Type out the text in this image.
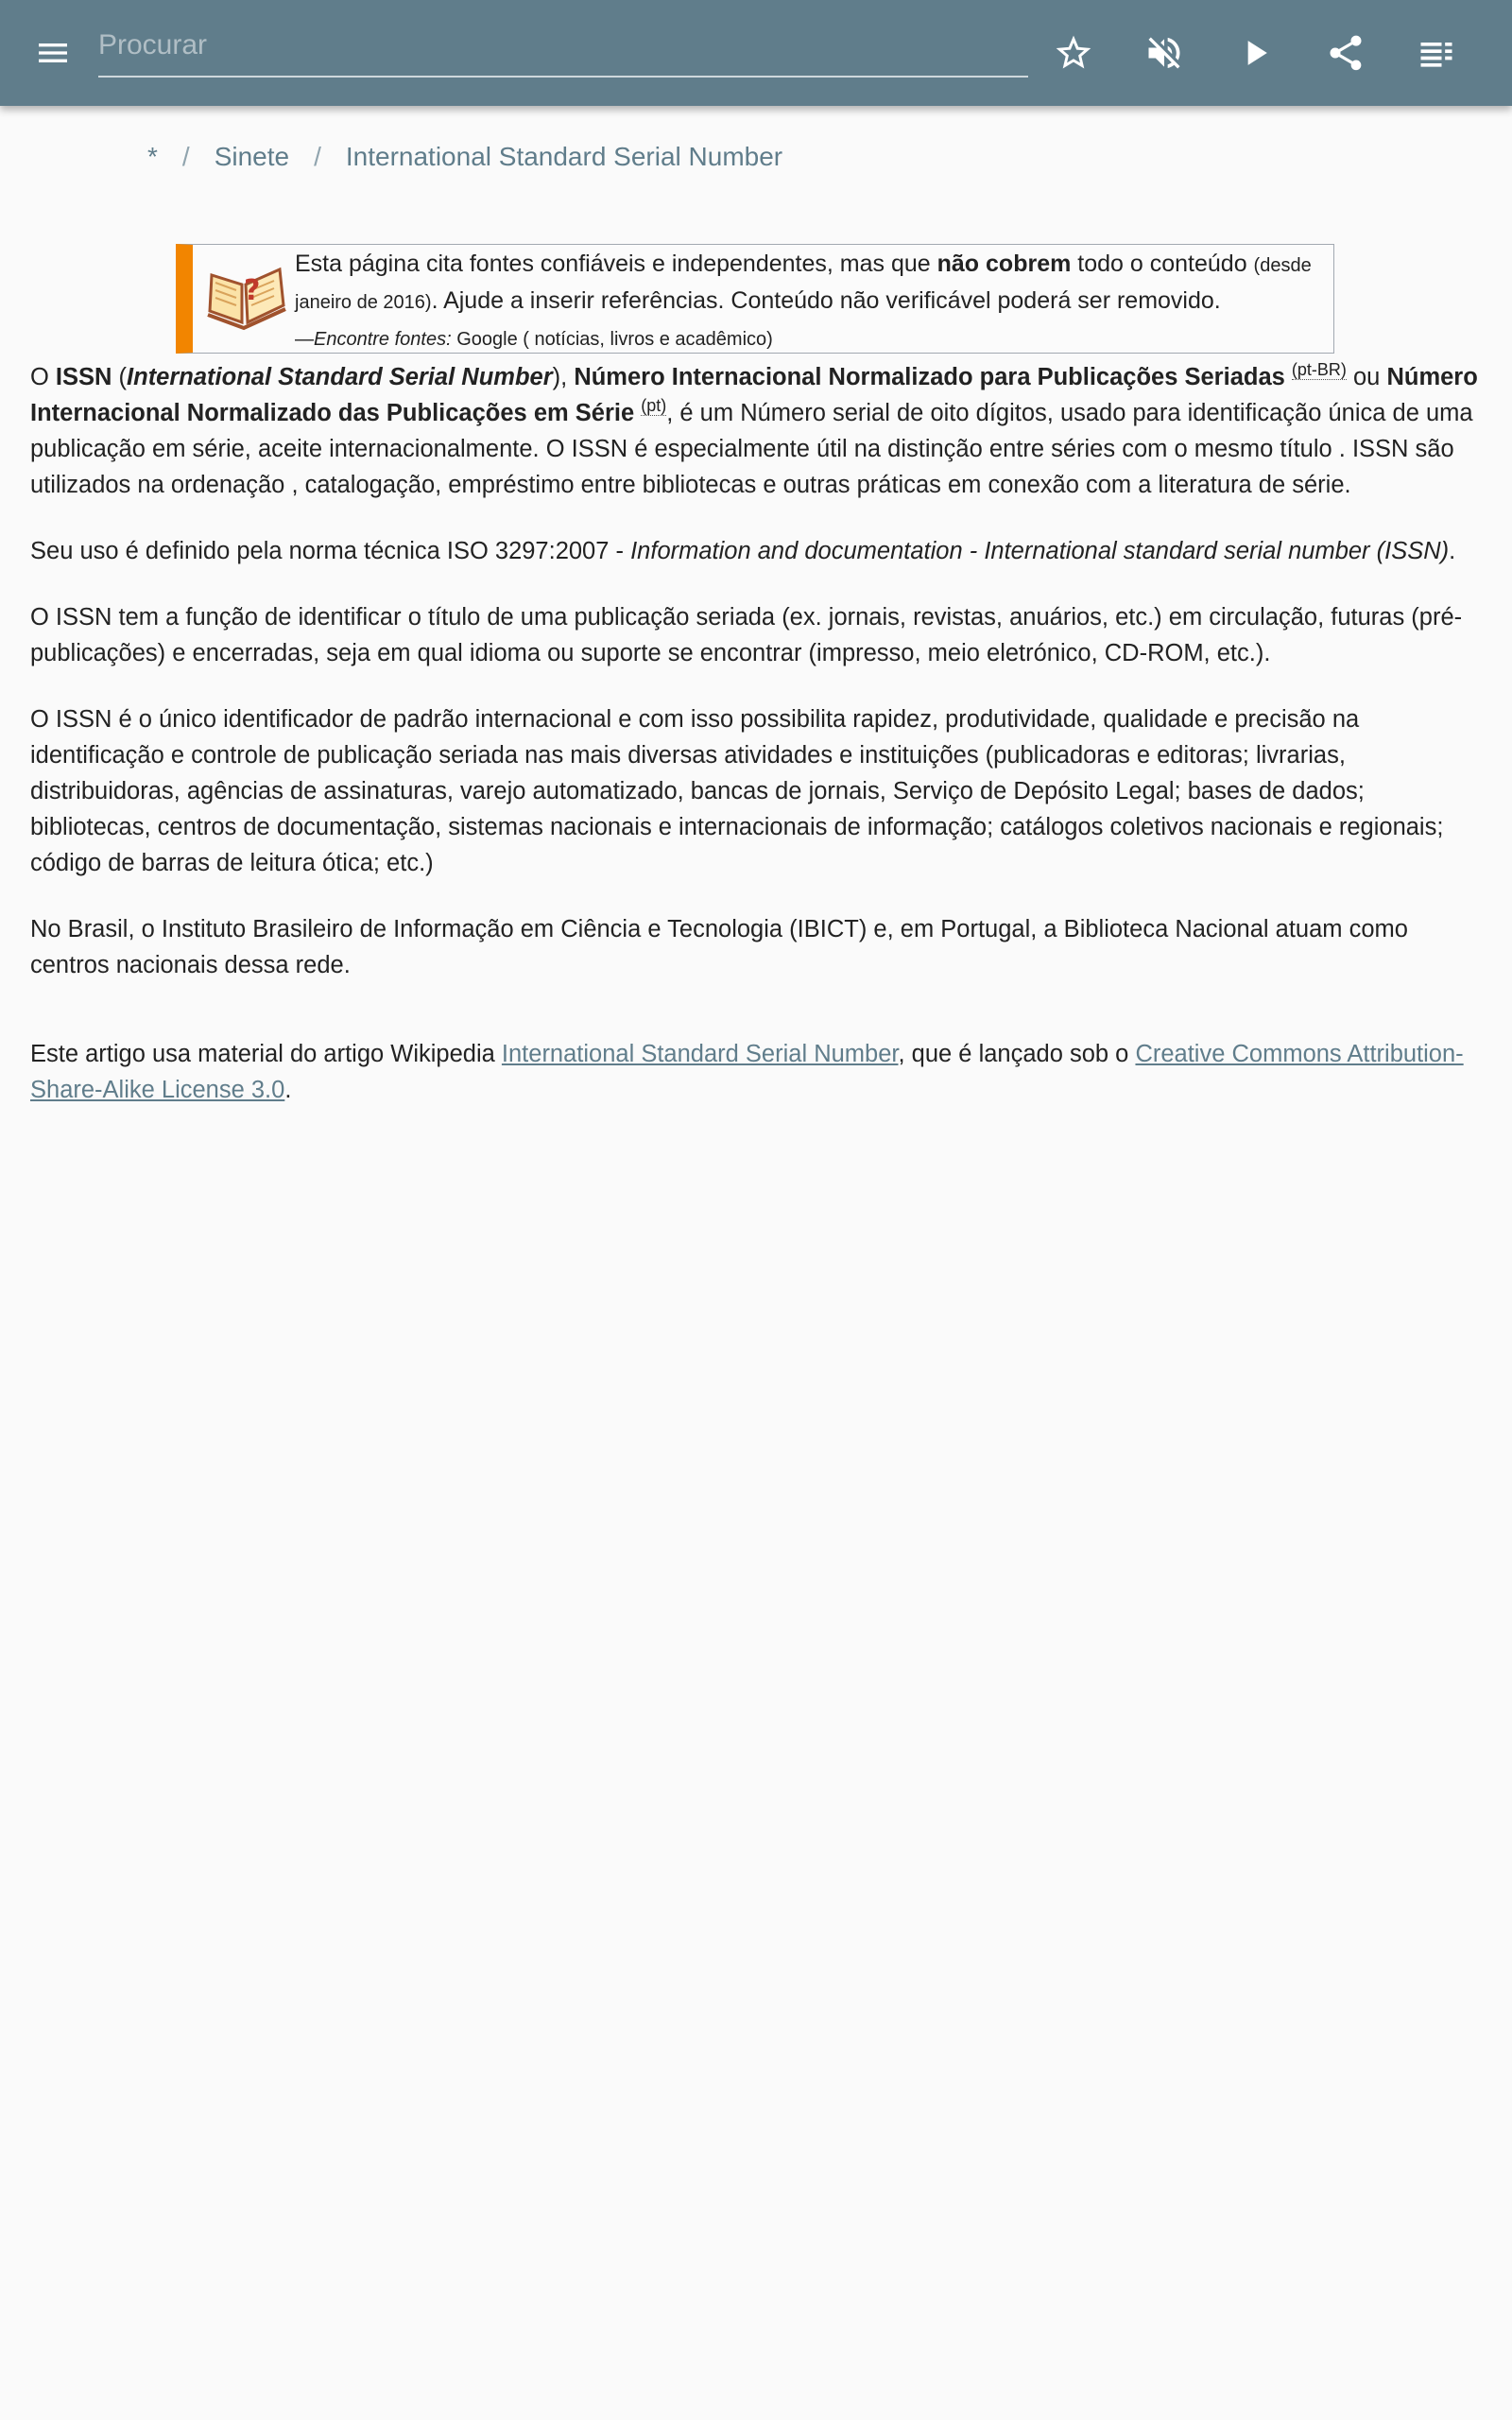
Procurar
* / Sinete / International Standard Serial Number
?
Esta página cita fontes confiáveis e independentes, mas que não cobrem todo o conteúdo (desde janeiro de 2016). Ajude a inserir referências. Conteúdo não verificável poderá ser removido.
—Encontre fontes: Google ( notícias, livros e acadêmico)

O ISSN (International Standard Serial Number), Número Internacional Normalizado para Publicações Seriadas $^{(pt-BR)}$ ou Número Internacional Normalizado das Publicações em Série $^{(pt)}$, é um Número serial de oito dígitos, usado para identificação única de uma publicação em série, aceite internacionalmente. O ISSN é especialmente útil na distinção entre séries com o mesmo título . ISSN são utilizados na ordenação , catalogação, empréstimo entre bibliotecas e outras práticas em conexão com a literatura de série.

Seu uso é definido pela norma técnica ISO 3297:2007 - Information and documentation - International standard serial number (ISSN).

O ISSN tem a função de identificar o título de uma publicação seriada (ex. jornais, revistas, anuários, etc.) em circulação, futuras (pré-publicações) e encerradas, seja em qual idioma ou suporte se encontrar (impresso, meio eletrónico, CD-ROM, etc.).

O ISSN é o único identificador de padrão internacional e com isso possibilita rapidez, produtividade, qualidade e precisão na identificação e controle de publicação seriada nas mais diversas atividades e instituições (publicadoras e editoras; livrarias, distribuidoras, agências de assinaturas, varejo automatizado, bancas de jornais, Serviço de Depósito Legal; bases de dados; bibliotecas, centros de documentação, sistemas nacionais e internacionais de informação; catálogos coletivos nacionais e regionais; código de barras de leitura ótica; etc.)

No Brasil, o Instituto Brasileiro de Informação em Ciência e Tecnologia (IBICT) e, em Portugal, a Biblioteca Nacional atuam como centros nacionais dessa rede.

Este artigo usa material do artigo Wikipedia International Standard Serial Number, que é lançado sob o Creative Commons Attribution-Share-Alike License 3.0.
